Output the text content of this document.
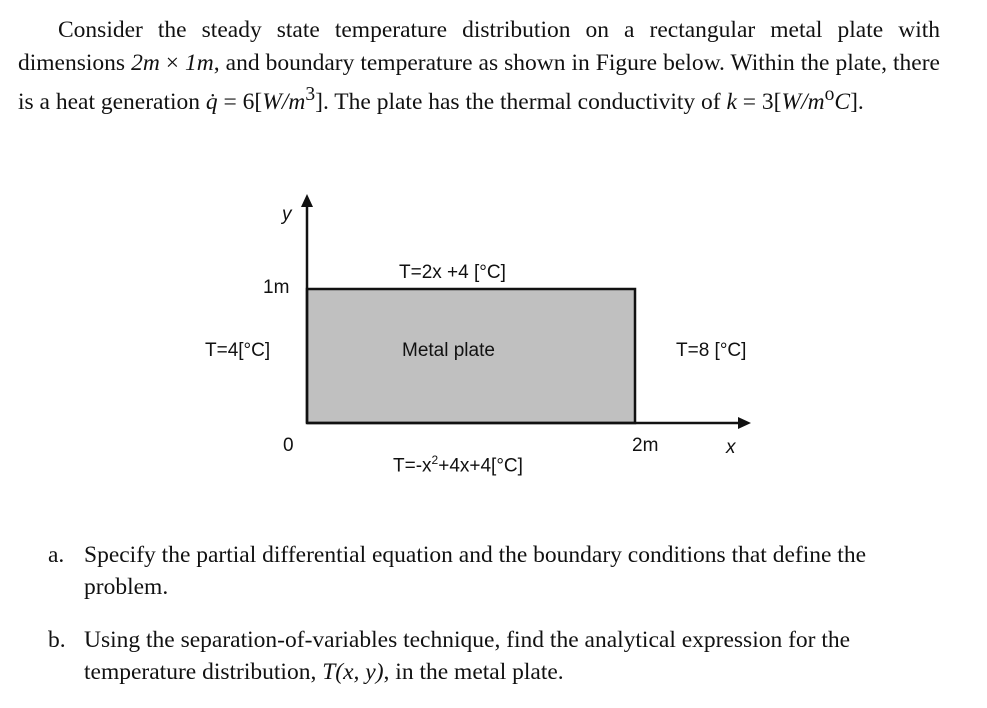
Consider the steady state temperature distribution on a rectangular metal plate with dimensions 2m × 1m, and boundary temperature as shown in Figure below. Within the plate, there is a heat generation q̇ = $6[W/m^3]$. The plate has the thermal conductivity of $k = 3[W/m^oC]$.

y
1m
T=2x +4 [°C]
T=4[°C]	Metal plate	T=8 [°C]
0	2m	x
$T=-x^2+4x+4[^\circ C]$
a. Specify the partial differential equation and the boundary conditions that define the problem.
b. Using the separation-of-variables technique, find the analytical expression for the temperature distribution, T(x, y), in the metal plate.
